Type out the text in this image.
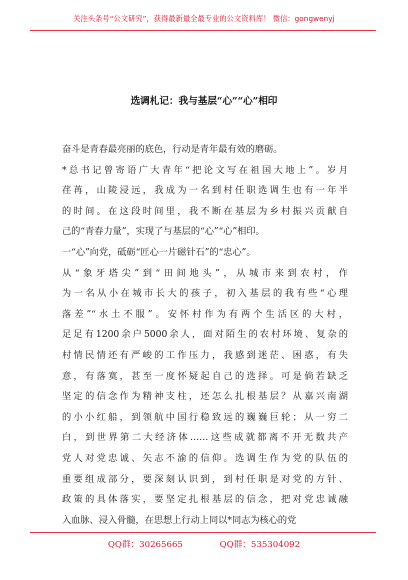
关注头条号“公文研究”，获得最新最全最专业的公文资料库！ 微信：gongwenyj
选调札记：我与基层“心”“心”相印
奋斗是青春最亮丽的底色，行动是青年最有效的磨砺。
*总书记曾寄语广大青年“把论文写在祖国大地上”。岁月
荏苒，山陵浸远，我成为一名到村任职选调生也有一年半
的时间。在这段时间里，我不断在基层为乡村振兴贡献自
己的“青春力量”，实现了与基层的“心”“心”相印。
一“心”向党，砥砺“匠心一片磁针石”的“忠心”。
从“象牙塔尖”到“田间地头”，从城市来到农村，作
为一名从小在城市长大的孩子，初入基层的我有些“心理
落差”“水土不服”。安怀村作为有两个生活区的大村，
足足有1200余户5000余人，面对陌生的农村环境、复杂的
村情民情还有严峻的工作压力，我感到迷茫、困惑，有失
意，有落寞，甚至一度怀疑起自己的选择。可是倘若缺乏
坚定的信念作为精神支柱，还怎么扎根基层？从嘉兴南湖
的小小红船，到领航中国行稳致远的巍巍巨轮；从一穷二
白，到世界第二大经济体……这些成就都离不开无数共产
党人对党忠诚、矢志不渝的信仰。选调生作为党的队伍的
重要组成部分，要深刻认识到，到村任职是对党的方针、
政策的具体落实，要坚定扎根基层的信念，把对党忠诚融
入血脉、浸入骨髓，在思想上行动上同以*同志为核心的党
QQ群：30265665	QQ群：535304092
